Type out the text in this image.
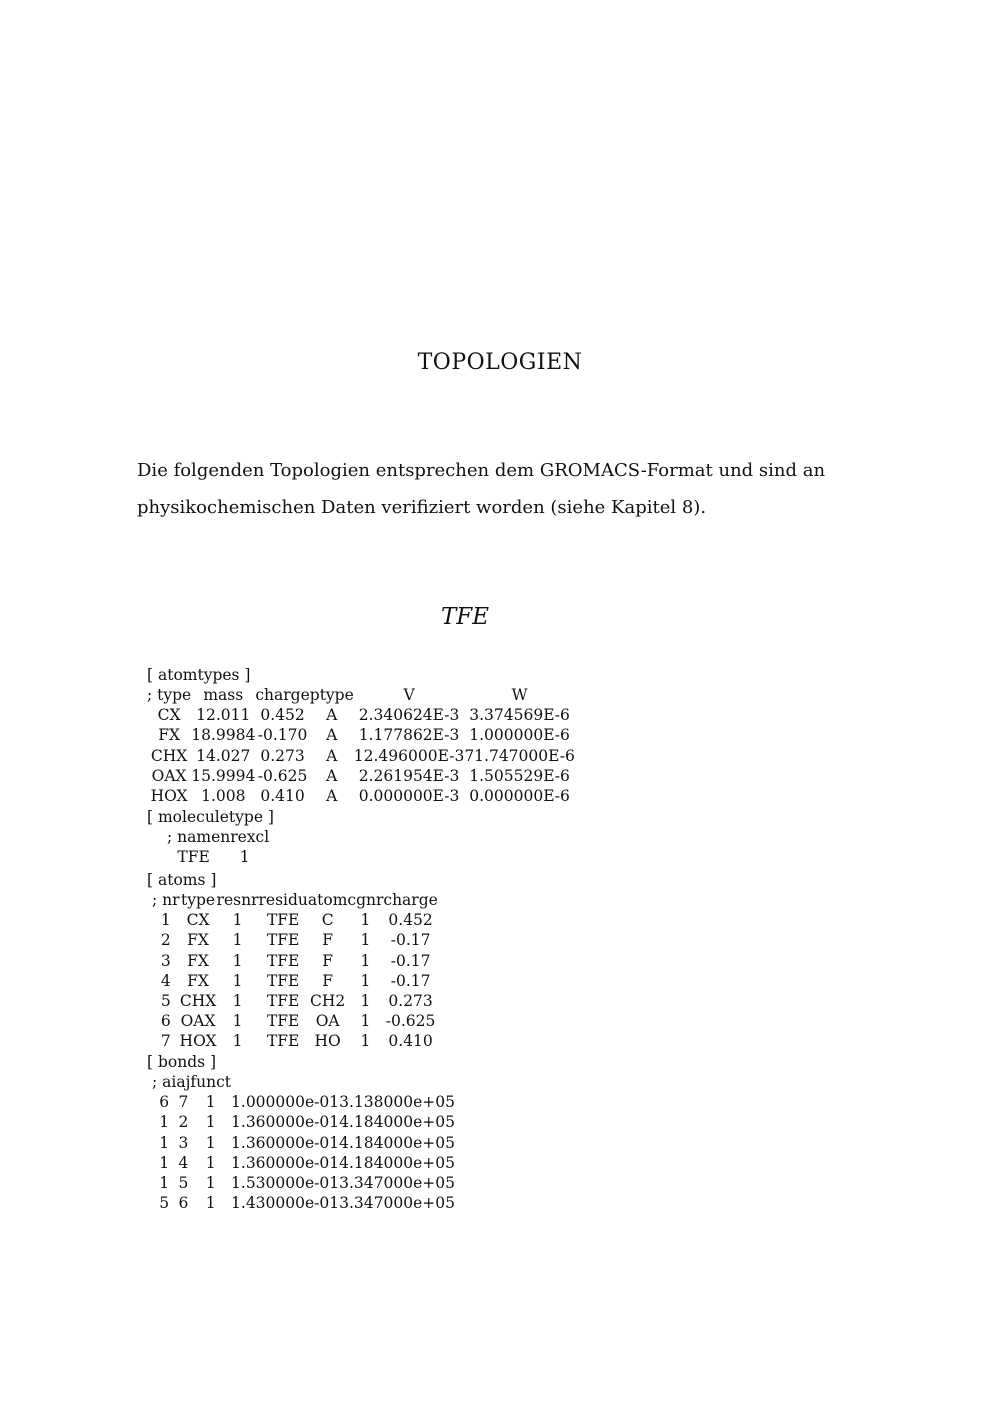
TOPOLOGIEN

Die folgenden Topologien entsprechen dem GROMACS-Format und sind an

physikochemischen Daten verifiziert worden (siehe Kapitel 8).

TFE
[ atomtypes ]
; type	mass	charge	ptype	V	W
CX	12.011	0.452	A	2.340624E-3	3.374569E-6
FX	18.9984	-0.170	A	1.177862E-3	1.000000E-6
CHX	14.027	0.273	A	12.496000E-3	71.747000E-6
OAX	15.9994	-0.625	A	2.261954E-3	1.505529E-6
HOX	1.008	0.410	A	0.000000E-3	0.000000E-6
[ moleculetype ]
; name	nrexcl
TFE	1
[ atoms ]
; nr	type	resnr	residu	atom	cgnr	charge
1	CX	1	TFE	C	1	0.452
2	FX	1	TFE	F	1	-0.17
3	FX	1	TFE	F	1	-0.17
4	FX	1	TFE	F	1	-0.17
5	CHX	1	TFE	CH2	1	0.273
6	OAX	1	TFE	OA	1	-0.625
7	HOX	1	TFE	HO	1	0.410
[ bonds ]
; ai	aj	funct		
6	7	1	1.000000e-01	3.138000e+05
1	2	1	1.360000e-01	4.184000e+05
1	3	1	1.360000e-01	4.184000e+05
1	4	1	1.360000e-01	4.184000e+05
1	5	1	1.530000e-01	3.347000e+05
5	6	1	1.430000e-01	3.347000e+05
